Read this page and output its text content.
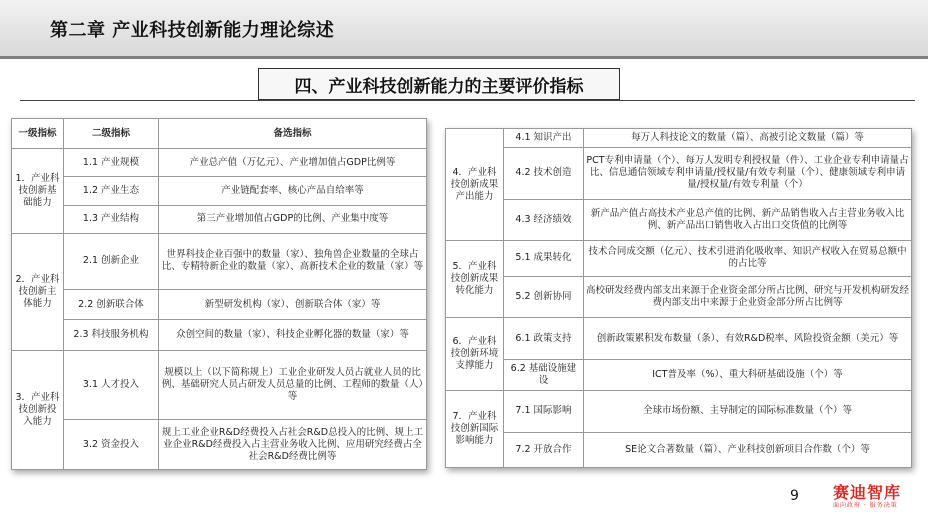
第二章 产业科技创新能力理论综述
四、产业科技创新能力的主要评价指标
一级指标	二级指标	备选指标
1．产业科技创新基础能力	1.1 产业规模	产业总产值（万亿元）、产业增加值占GDP比例等
	1.2 产业生态	产业链配套率、核心产品自给率等
	1.3 产业结构	第三产业增加值占GDP的比例、产业集中度等
2．产业科技创新主体能力	2.1 创新企业	世界科技企业百强中的数量（家）、独角兽企业数量的全球占比、专精特新企业的数量（家）、高新技术企业的数量（家）等
	2.2 创新联合体	新型研发机构（家）、创新联合体（家）等
	2.3 科技服务机构	众创空间的数量（家）、科技企业孵化器的数量（家）等
3．产业科技创新投入能力	3.1 人才投入	规模以上（以下简称规上）工业企业研发人员占就业人员的比例、基础研究人员占研发人员总量的比例、工程师的数量（人）等
	3.2 资金投入	规上工业企业R&D经费投入占社会R&D总投入的比例、规上工业企业R&D经费投入占主营业务收入比例、应用研究经费占全社会R&D经费比例等
4．产业科技创新成果产出能力	4.1 知识产出	每万人科技论文的数量（篇）、高被引论文数量（篇）等
	4.2 技术创造	PCT专利申请量（个）、每万人发明专利授权量（件）、工业企业专利申请量占比、信息通信领域专利申请量/授权量/有效专利量（个）、健康领域专利申请量/授权量/有效专利量（个）
	4.3 经济绩效	新产品产值占高技术产业总产值的比例、新产品销售收入占主营业务收入比例、新产品出口销售收入占出口交货值的比例等
5．产业科技创新成果转化能力	5.1 成果转化	技术合同成交额（亿元）、技术引进消化吸收率、知识产权收入在贸易总额中的占比等
	5.2 创新协同	高校研发经费内部支出来源于企业资金部分所占比例、研究与开发机构研发经费内部支出中来源于企业资金部分所占比例等
6．产业科技创新环境支撑能力	6.1 政策支持	创新政策累积发布数量（条）、有效R&D税率、风险投资金额（美元）等
	6.2 基础设施建设	ICT普及率（%）、重大科研基础设施（个）等
7．产业科技创新国际影响能力	7.1 国际影响	全球市场份额、主导制定的国际标准数量（个）等
	7.2 开放合作	SE论文合著数量（篇）、产业科技创新项目合作数（个）等
9 赛迪智库
面向政府 · 服务决策
